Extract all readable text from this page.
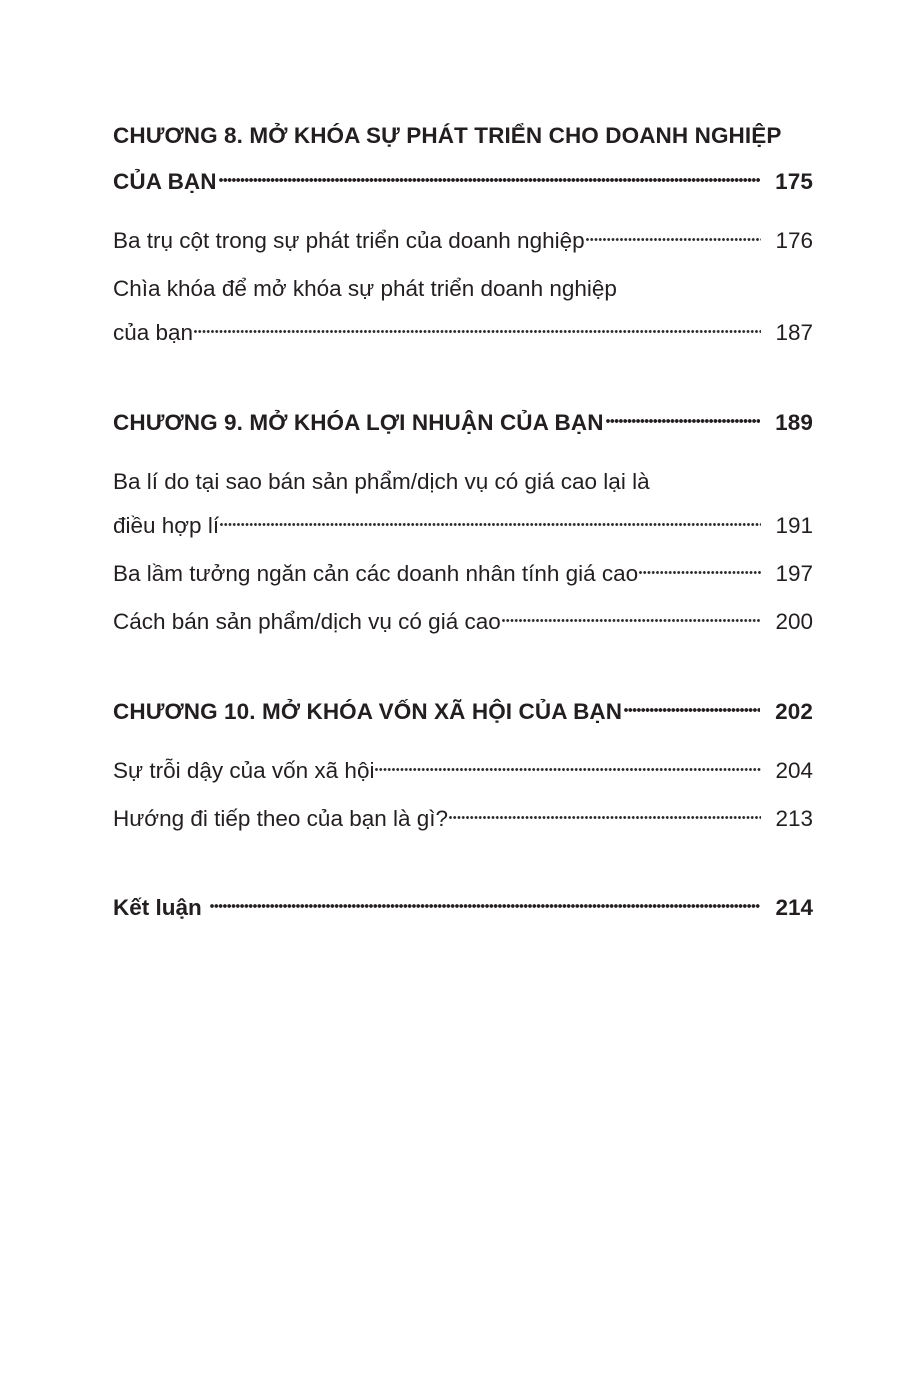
CHƯƠNG 8. MỞ KHÓA SỰ PHÁT TRIỂN CHO DOANH NGHIỆP
CỦA BẠN	175
Ba trụ cột trong sự phát triển của doanh nghiệp	176
Chìa khóa để mở khóa sự phát triển doanh nghiệp
của bạn	187
CHƯƠNG 9. MỞ KHÓA LỢI NHUẬN CỦA BẠN	189
Ba lí do tại sao bán sản phẩm/dịch vụ có giá cao lại là
điều hợp lí	191
Ba lầm tưởng ngăn cản các doanh nhân tính giá cao	197
Cách bán sản phẩm/dịch vụ có giá cao	200
CHƯƠNG 10. MỞ KHÓA VỐN XÃ HỘI CỦA BẠN	202
Sự trỗi dậy của vốn xã hội	204
Hướng đi tiếp theo của bạn là gì?	213
Kết luận	214
